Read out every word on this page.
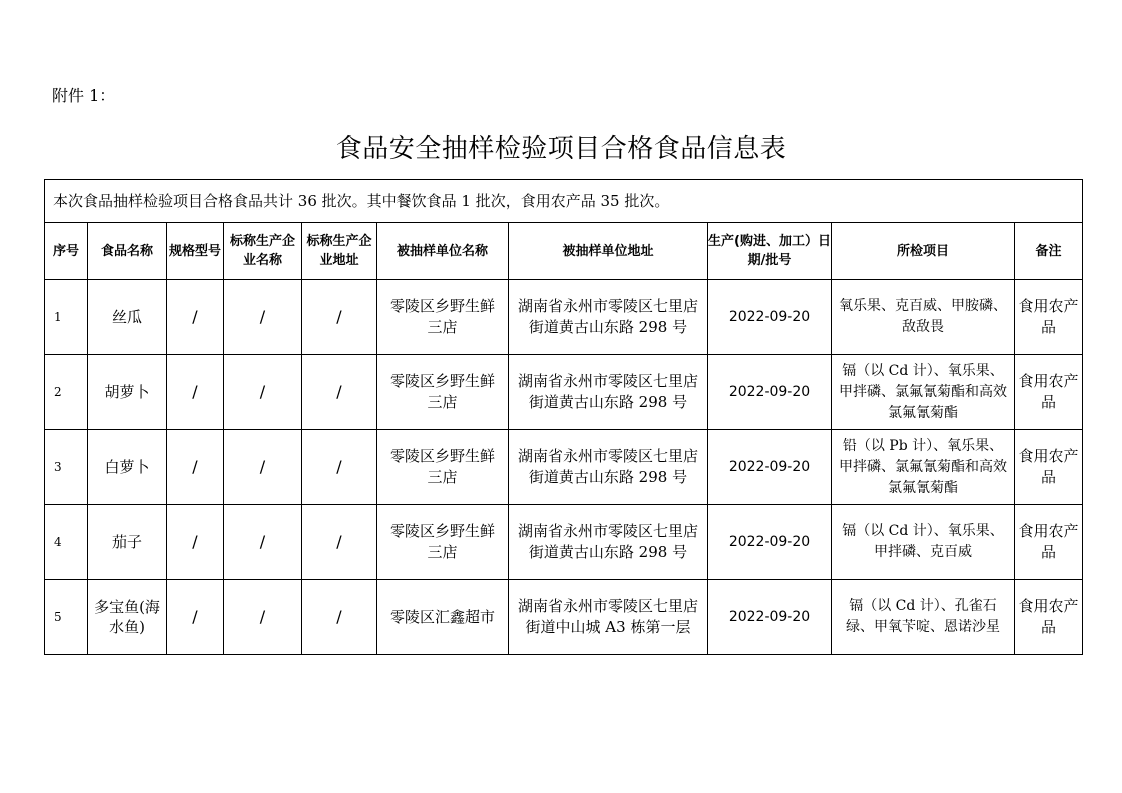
附件 1：
食品安全抽样检验项目合格食品信息表
本次食品抽样检验项目合格食品共计 36 批次。其中餐饮食品 1 批次，食用农产品 35 批次。									
序号	食品名称	规格型号	标称生产企业名称	标称生产企业地址	被抽样单位名称	被抽样单位地址	生产(购进、加工）日期/批号	所检项目	备注
1	丝瓜	/	/	/	零陵区乡野生鲜三店	湖南省永州市零陵区七里店街道黄古山东路 298 号	2022-09-20	氧乐果、克百威、甲胺磷、敌敌畏	食用农产品
2	胡萝卜	/	/	/	零陵区乡野生鲜三店	湖南省永州市零陵区七里店街道黄古山东路 298 号	2022-09-20	镉（以 Cd 计）、氧乐果、甲拌磷、氯氟氰菊酯和高效氯氟氰菊酯	食用农产品
3	白萝卜	/	/	/	零陵区乡野生鲜三店	湖南省永州市零陵区七里店街道黄古山东路 298 号	2022-09-20	铅（以 Pb 计）、氧乐果、甲拌磷、氯氟氰菊酯和高效氯氟氰菊酯	食用农产品
4	茄子	/	/	/	零陵区乡野生鲜三店	湖南省永州市零陵区七里店街道黄古山东路 298 号	2022-09-20	镉（以 Cd 计）、氧乐果、甲拌磷、克百威	食用农产品
5	多宝鱼(海水鱼)	/	/	/	零陵区汇鑫超市	湖南省永州市零陵区七里店街道中山城 A3 栋第一层	2022-09-20	镉（以 Cd 计）、孔雀石绿、甲氧苄啶、恩诺沙星	食用农产品
